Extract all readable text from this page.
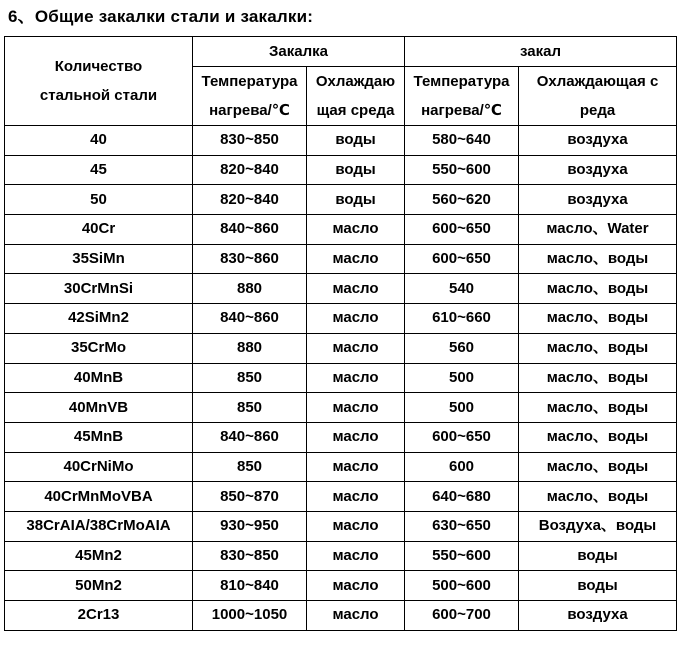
6、Общие закалки стали и закалки:
Количество стальной стали	Закалка		закал	
	Температура нагрева/℃	Охлаждающая среда	Температура нагрева/℃	Охлаждающая среда
40	830~850	воды	580~640	воздуха
45	820~840	воды	550~600	воздуха
50	820~840	воды	560~620	воздуха
40Cr	840~860	масло	600~650	масло、Water
35SiMn	830~860	масло	600~650	масло、воды
30CrMnSi	880	масло	540	масло、воды
42SiMn2	840~860	масло	610~660	масло、воды
35CrMo	880	масло	560	масло、воды
40MnB	850	масло	500	масло、воды
40MnVB	850	масло	500	масло、воды
45MnB	840~860	масло	600~650	масло、воды
40CrNiMo	850	масло	600	масло、воды
40CrMnMoVBA	850~870	масло	640~680	масло、воды
38CrAIA/38CrMoAIA	930~950	масло	630~650	Воздуха、воды
45Mn2	830~850	масло	550~600	воды
50Mn2	810~840	масло	500~600	воды
2Cr13	1000~1050	масло	600~700	воздуха
